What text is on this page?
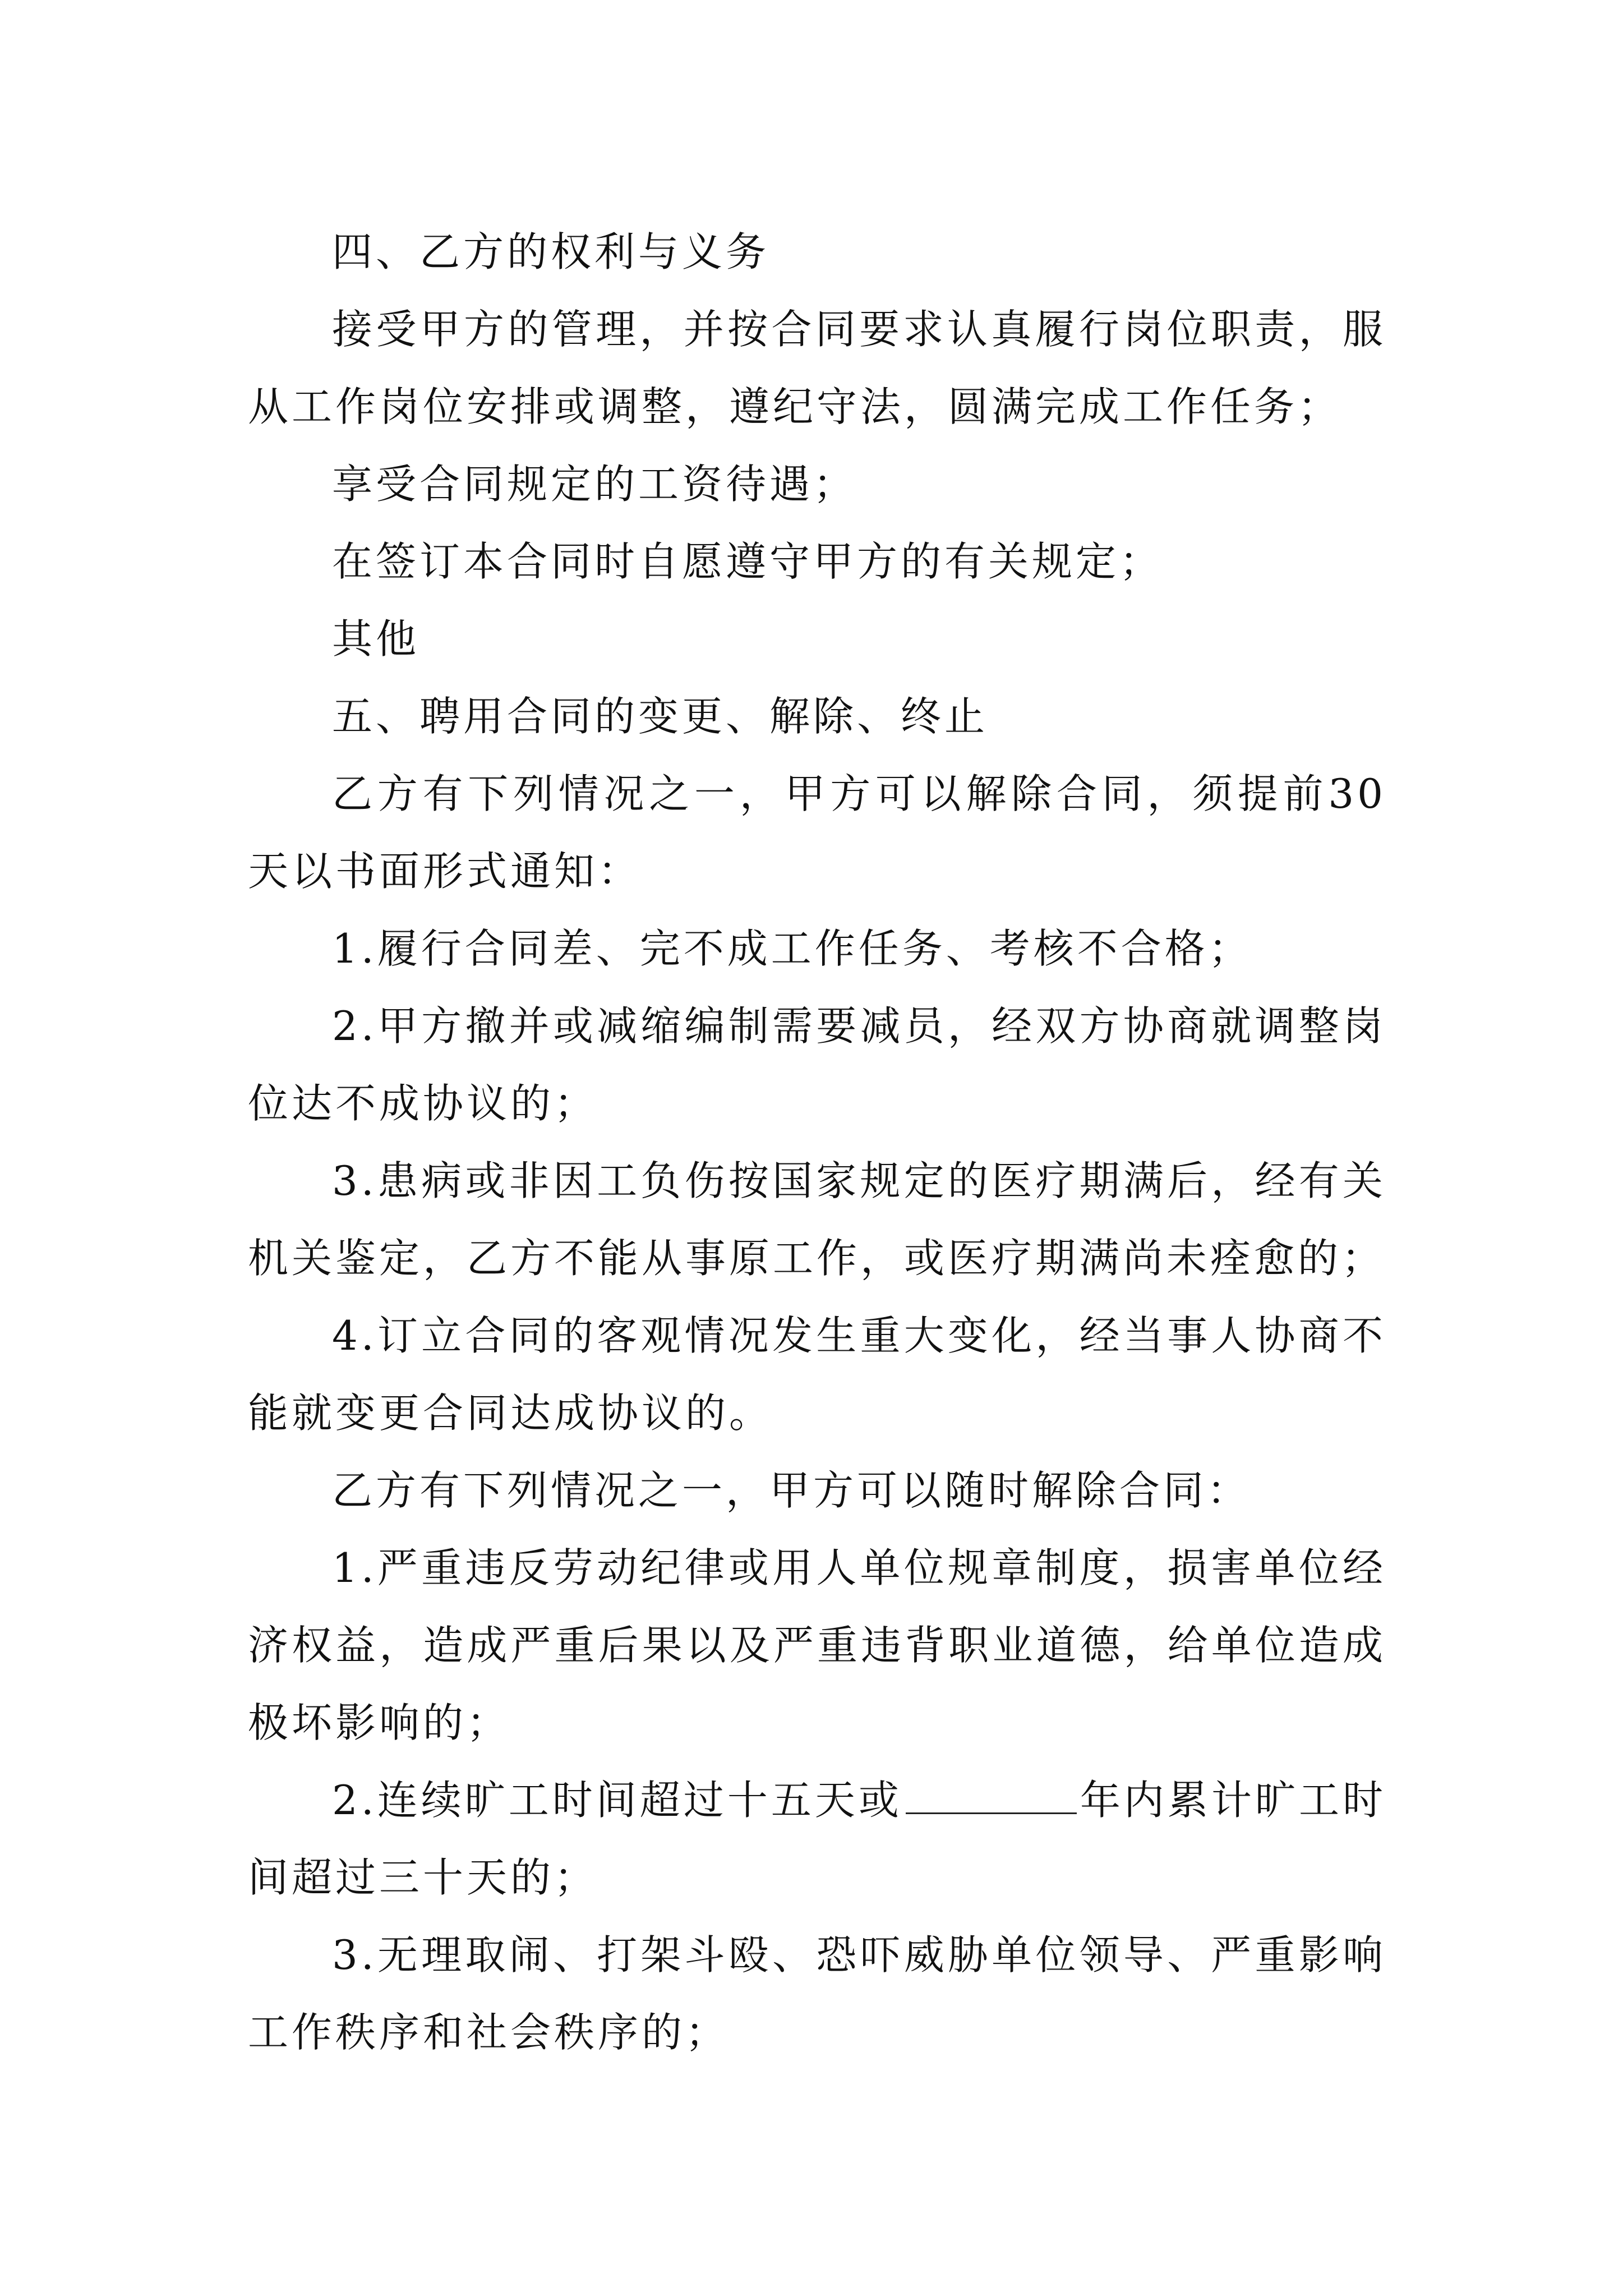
四、乙方的权利与义务

接受甲方的管理，并按合同要求认真履行岗位职责，服从工作岗位安排或调整，遵纪守法，圆满完成工作任务；

享受合同规定的工资待遇；

在签订本合同时自愿遵守甲方的有关规定；

其他

五、聘用合同的变更、解除、终止

乙方有下列情况之一，甲方可以解除合同，须提前30天以书面形式通知：

1.履行合同差、完不成工作任务、考核不合格；

2.甲方撤并或减缩编制需要减员，经双方协商就调整岗位达不成协议的；

3.患病或非因工负伤按国家规定的医疗期满后，经有关机关鉴定，乙方不能从事原工作，或医疗期满尚未痊愈的；

4.订立合同的客观情况发生重大变化，经当事人协商不能就变更合同达成协议的。

乙方有下列情况之一，甲方可以随时解除合同：

1.严重违反劳动纪律或用人单位规章制度，损害单位经济权益，造成严重后果以及严重违背职业道德，给单位造成极坏影响的；

2.连续旷工时间超过十五天或	年内累计旷工时间超过三十天的；

3.无理取闹、打架斗殴、恐吓威胁单位领导、严重影响工作秩序和社会秩序的；
